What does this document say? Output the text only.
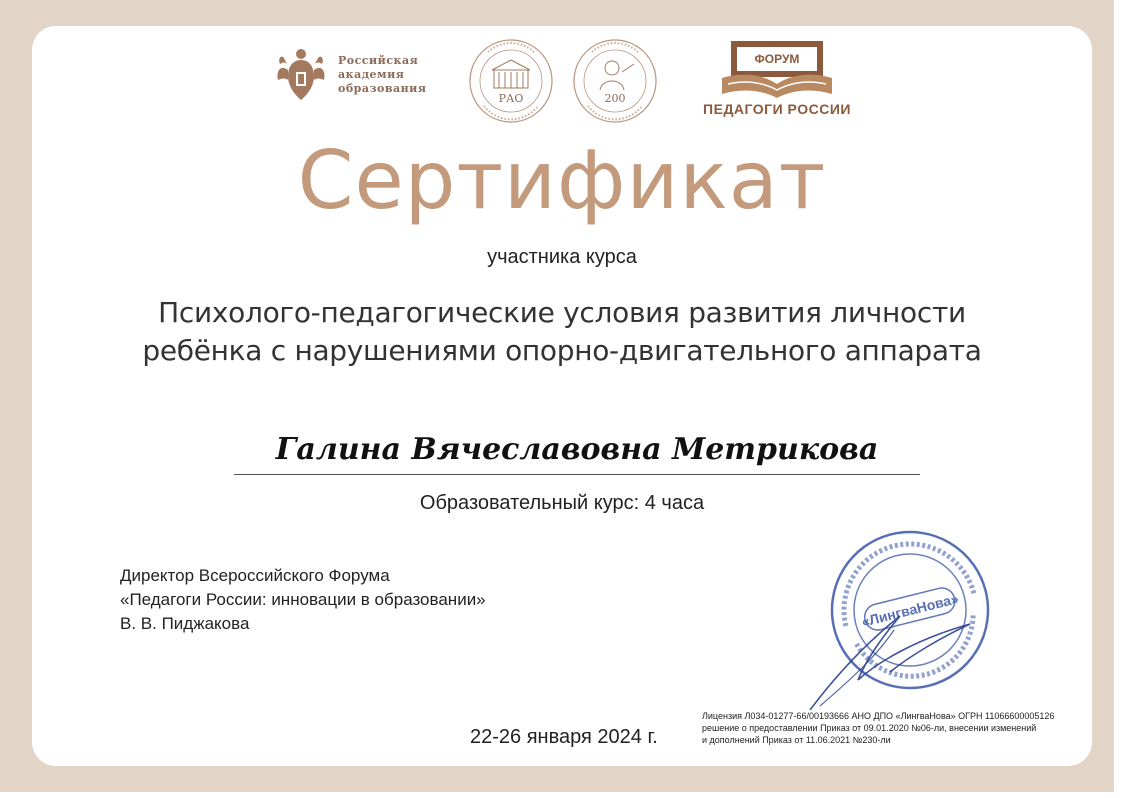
Российская
академия
образования
РАО	200
ФОРУМ
ПЕДАГОГИ РОССИИ
Сертификат
участника курса
Психолого-педагогические условия развития личности
ребёнка с нарушениями опорно-двигательного аппарата
Галина Вячеславовна Метрикова
Образовательный курс: 4 часа
Директор Всероссийского Форума
«Педагоги России: инновации в образовании»
В. В. Пиджакова	«ЛингваНова»
22-26 января 2024 г.
Лицензия Л034-01277-66/00193666 АНО ДПО «ЛингваНова» ОГРН 11066600005126
решение о предоставлении Приказ от 09.01.2020 №06-ли, внесении изменений
и дополнений Приказ от 11.06.2021 №230-ли
